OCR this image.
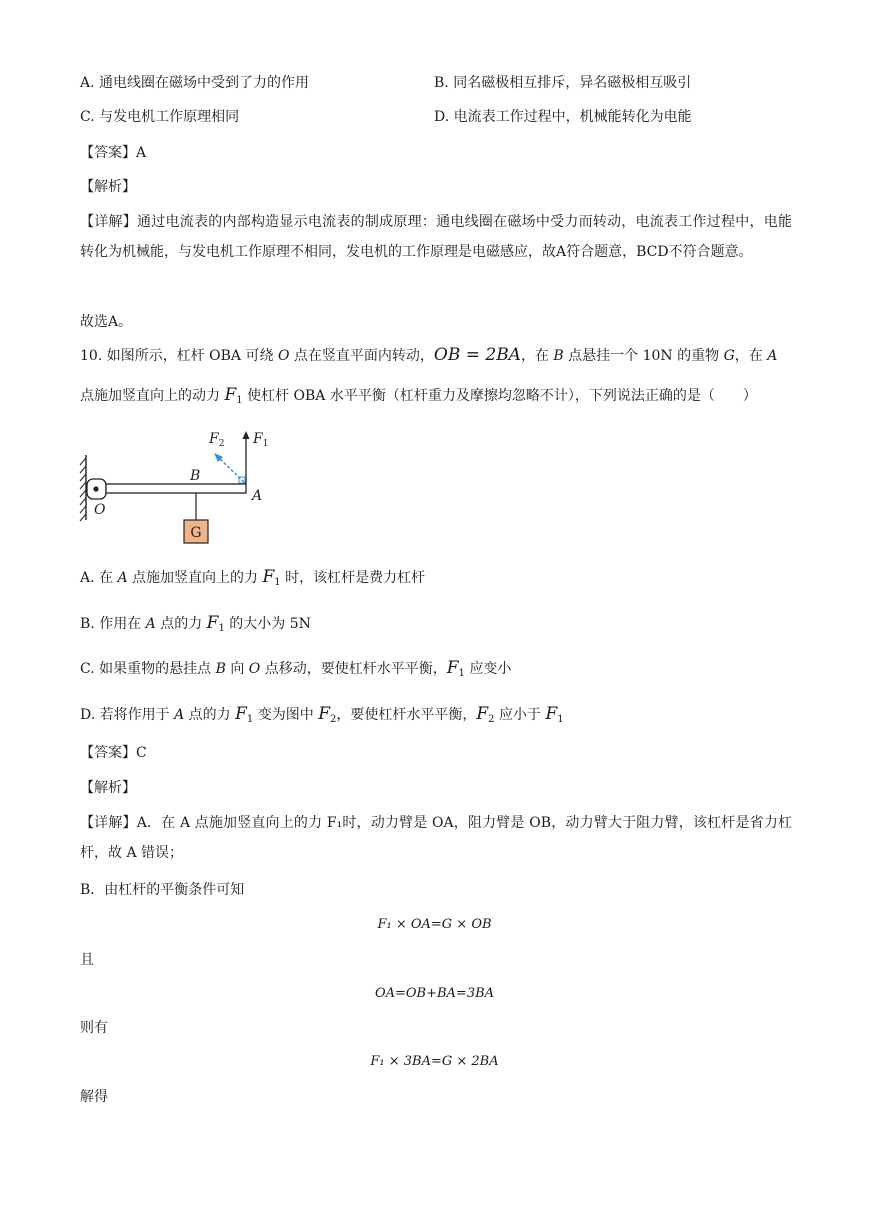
A. 通电线圈在磁场中受到了力的作用	B. 同名磁极相互排斥，异名磁极相互吸引
C. 与发电机工作原理相同	D. 电流表工作过程中，机械能转化为电能
【答案】A
【解析】
【详解】通过电流表的内部构造显示电流表的制成原理：通电线圈在磁场中受力而转动，电流表工作过程中，电能转化为机械能，与发电机工作原理不相同，发电机的工作原理是电磁感应，故A符合题意，BCD不符合题意。
故选A。
10. 如图所示，杠杆 OBA 可绕 O 点在竖直平面内转动，OB = 2BA，在 B 点悬挂一个 10N 的重物 G，在 A
点施加竖直向上的动力 $F_1$ 使杠杆 OBA 水平平衡（杠杆重力及摩擦均忽略不计），下列说法正确的是（　　）
G
$F_2$ $F_1$
B
A
O
A. 在 A 点施加竖直向上的力 $F_1$ 时，该杠杆是费力杠杆
B. 作用在 A 点的力 $F_1$ 的大小为 5N
C. 如果重物的悬挂点 B 向 O 点移动，要使杠杆水平平衡，$F_1$ 应变小
D. 若将作用于 A 点的力 $F_1$ 变为图中 $F_2$，要使杠杆水平平衡，$F_2$ 应小于 $F_1$
【答案】C
【解析】
【详解】A．在 A 点施加竖直向上的力 F₁时，动力臂是 OA，阻力臂是 OB，动力臂大于阻力臂，该杠杆是省力杠杆，故 A 错误；
B．由杠杆的平衡条件可知
F₁ × OA=G × OB
且
OA=OB+BA=3BA
则有
F₁ × 3BA=G × 2BA
解得
